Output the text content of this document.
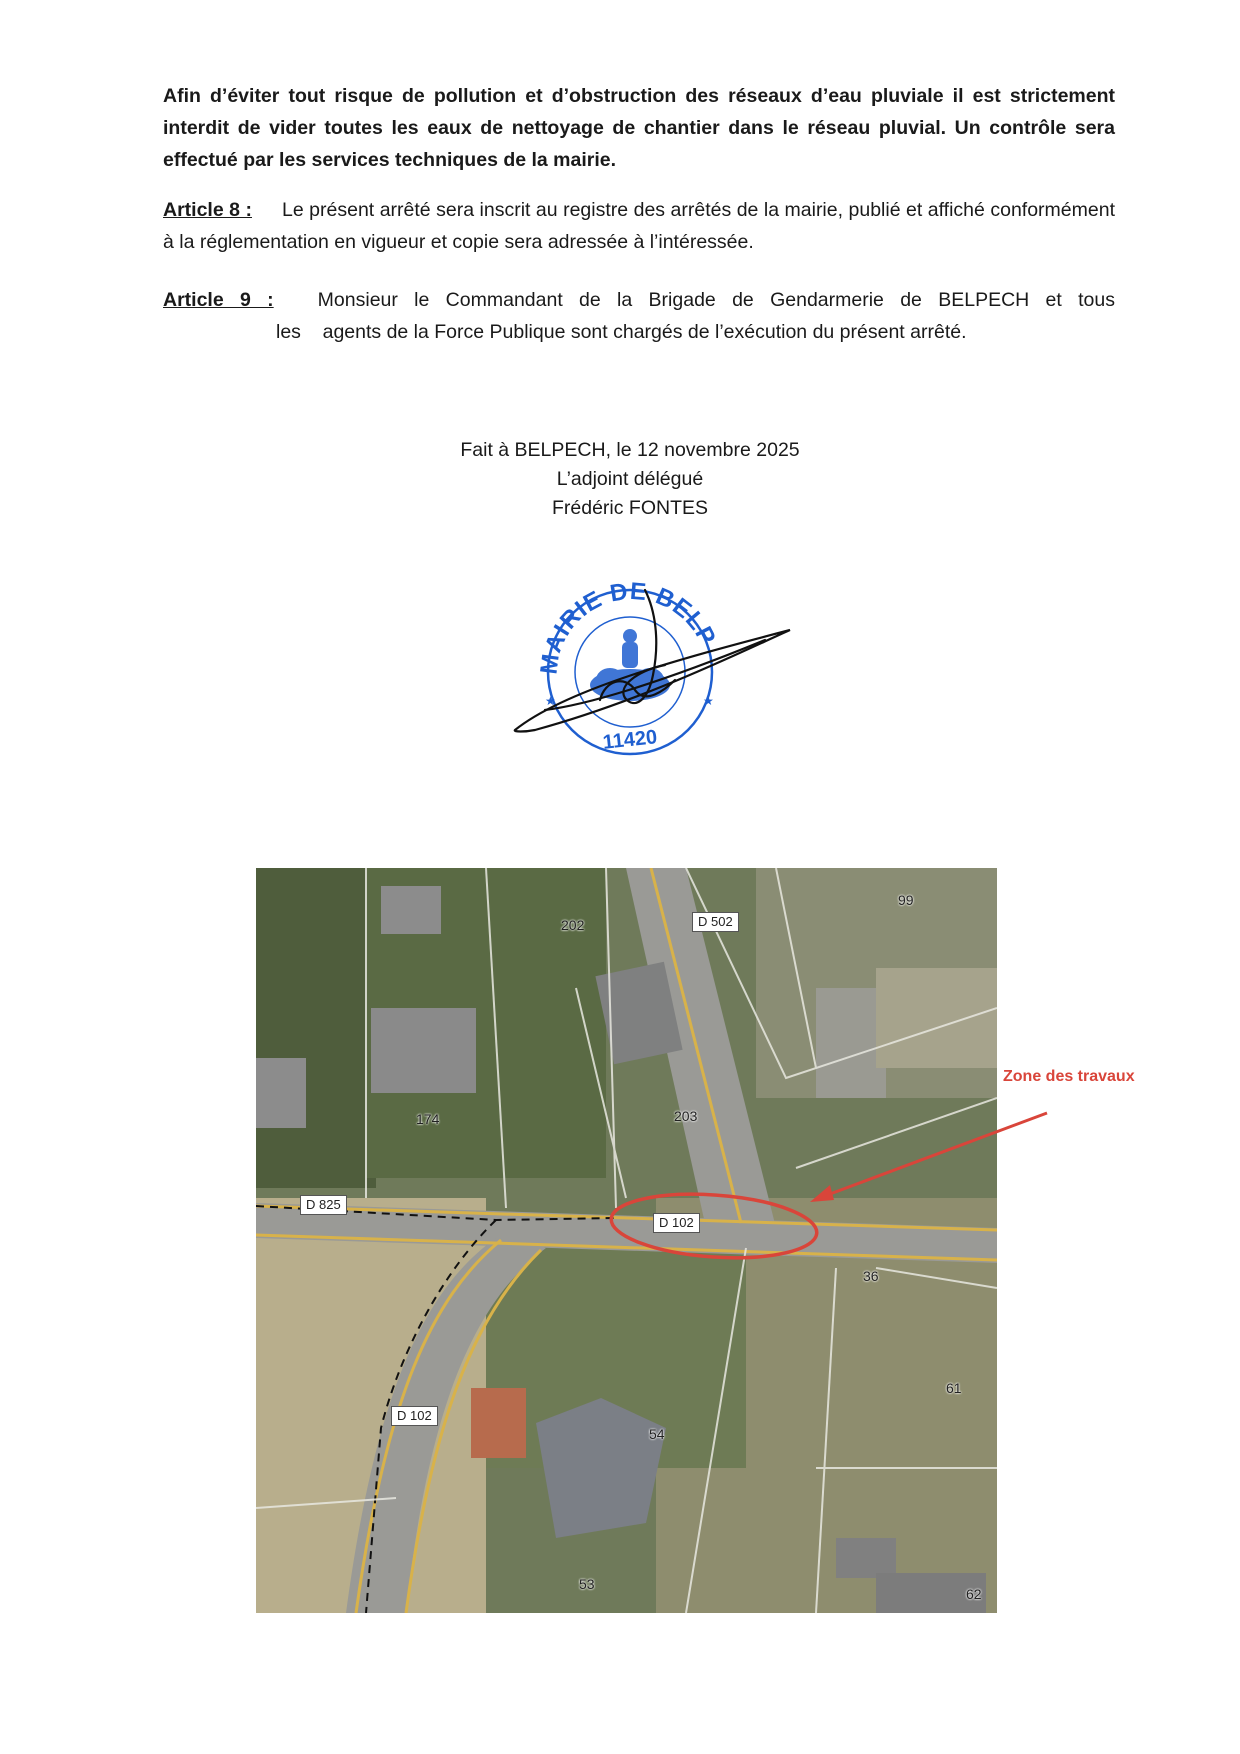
Afin d’éviter tout risque de pollution et d’obstruction des réseaux d’eau pluviale il est strictement interdit de vider toutes les eaux de nettoyage de chantier dans le réseau pluvial. Un contrôle sera effectué par les services techniques de la mairie.

Article 8 : Le présent arrêté sera inscrit au registre des arrêtés de la mairie, publié et affiché conformément à la réglementation en vigueur et copie sera adressée à l’intéressée.

Article 9 : Monsieur le Commandant de la Brigade de Gendarmerie de BELPECH et tous
les    agents de la Force Publique sont chargés de l’exécution du présent arrêté.
Fait à BELPECH, le 12 novembre 2025
L’adjoint délégué
Frédéric FONTES
MAIRIE DE BELP
11420
★	★
D 502
D 825
D 102
D 102
99
202
203
174
36
61
54
53
62
Zone des travaux
